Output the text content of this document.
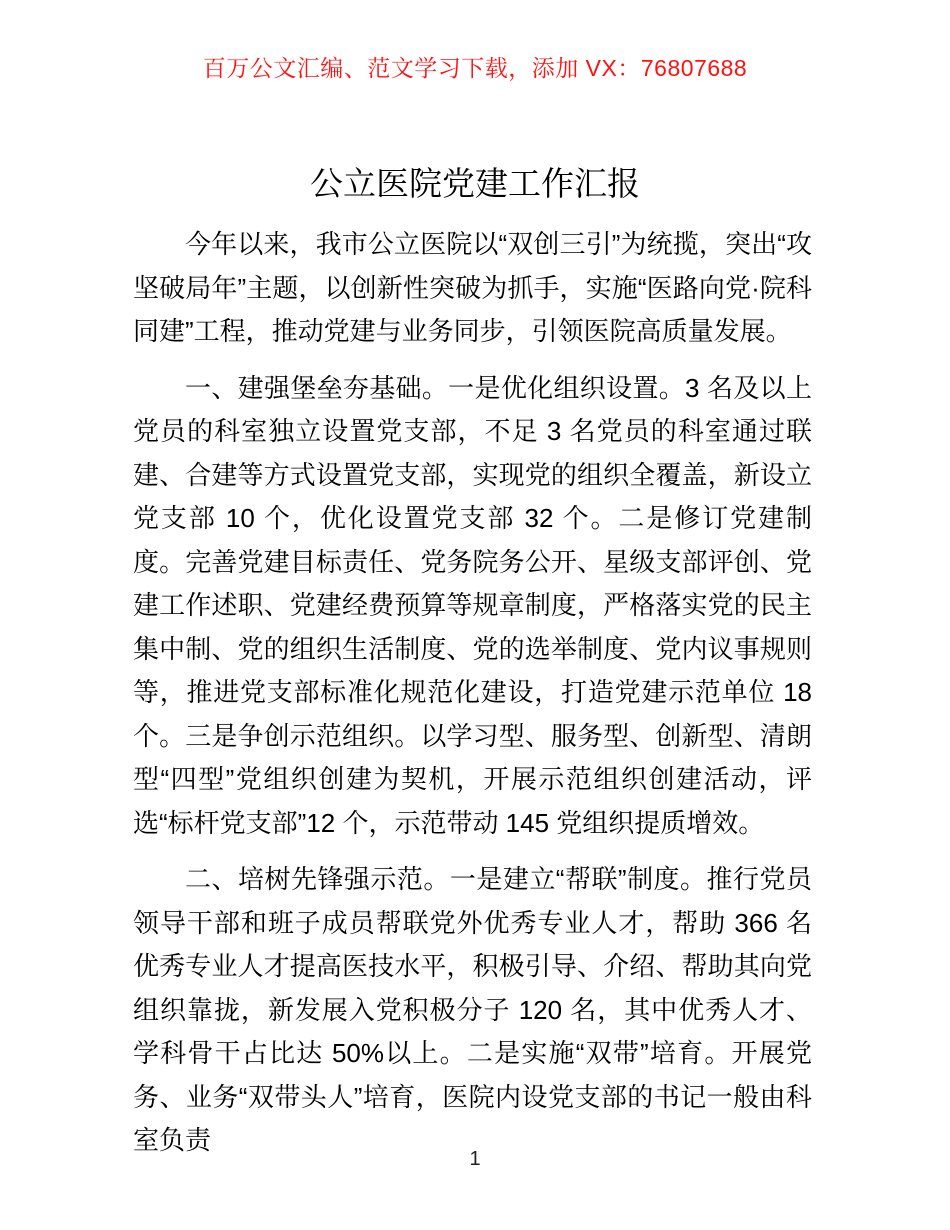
百万公文汇编、范文学习下载，添加 VX：76807688
公立医院党建工作汇报

今年以来，我市公立医院以“双创三引”为统揽，突出“攻坚破局年”主题，以创新性突破为抓手，实施“医路向党·院科同建”工程，推动党建与业务同步，引领医院高质量发展。

一、建强堡垒夯基础。一是优化组织设置。3 名及以上党员的科室独立设置党支部，不足 3 名党员的科室通过联建、合建等方式设置党支部，实现党的组织全覆盖，新设立党支部 10 个，优化设置党支部 32 个。二是修订党建制度。完善党建目标责任、党务院务公开、星级支部评创、党建工作述职、党建经费预算等规章制度，严格落实党的民主集中制、党的组织生活制度、党的选举制度、党内议事规则等，推进党支部标准化规范化建设，打造党建示范单位 18 个。三是争创示范组织。以学习型、服务型、创新型、清朗型“四型”党组织创建为契机，开展示范组织创建活动，评选“标杆党支部”12 个，示范带动 145 党组织提质增效。

二、培树先锋强示范。一是建立“帮联”制度。推行党员领导干部和班子成员帮联党外优秀专业人才，帮助 366 名优秀专业人才提高医技水平，积极引导、介绍、帮助其向党组织靠拢，新发展入党积极分子 120 名，其中优秀人才、学科骨干占比达 50%以上。二是实施“双带”培育。开展党务、业务“双带头人”培育，医院内设党支部的书记一般由科室负责

1
